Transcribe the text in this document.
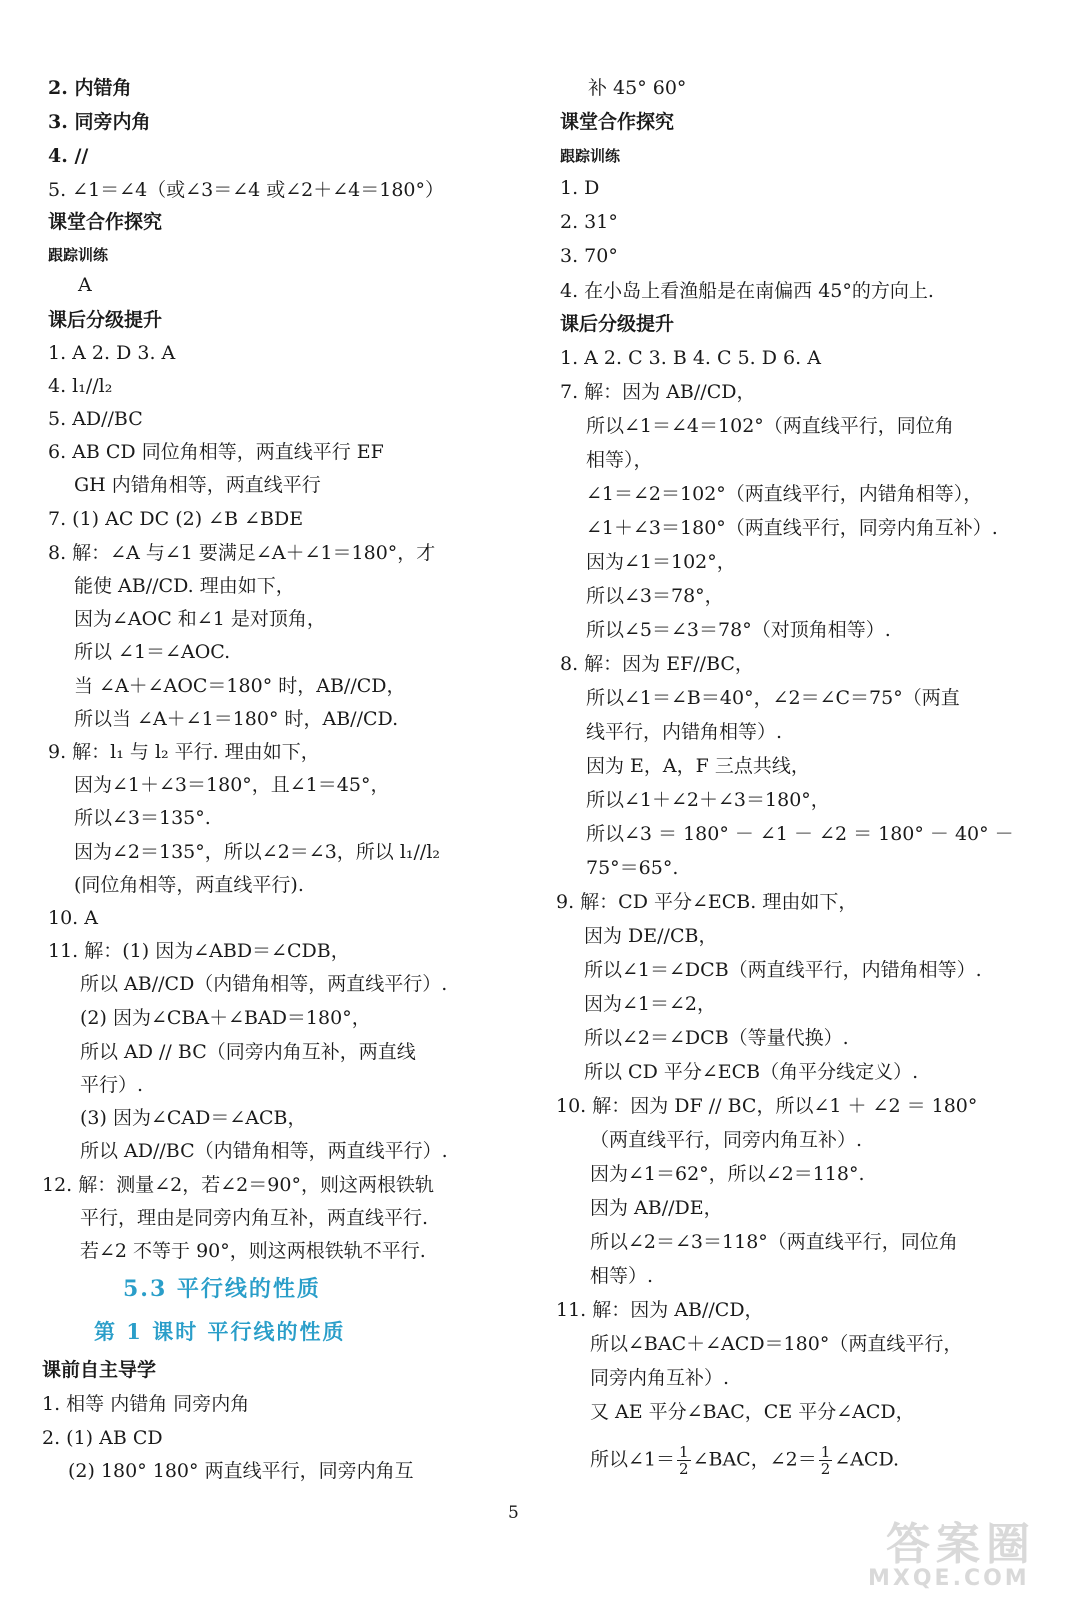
2. 内错角
3. 同旁内角
4. //
5. ∠1＝∠4（或∠3＝∠4 或∠2＋∠4＝180°）
课堂合作探究
跟踪训练
A
课后分级提升
1. A 2. D 3. A
4. l₁//l₂
5. AD//BC
6. AB CD 同位角相等，两直线平行 EF
GH 内错角相等，两直线平行
7. (1) AC DC (2) ∠B ∠BDE
8. 解：∠A 与∠1 要满足∠A＋∠1＝180°，才
能使 AB//CD. 理由如下，
因为∠AOC 和∠1 是对顶角，
所以 ∠1＝∠AOC.
当 ∠A＋∠AOC＝180° 时，AB//CD，
所以当 ∠A＋∠1＝180° 时，AB//CD.
9. 解：l₁ 与 l₂ 平行. 理由如下，
因为∠1＋∠3＝180°，且∠1＝45°，
所以∠3＝135°.
因为∠2＝135°，所以∠2＝∠3，所以 l₁//l₂
(同位角相等，两直线平行).
10. A
11. 解：(1) 因为∠ABD＝∠CDB，
所以 AB//CD（内错角相等，两直线平行）.
(2) 因为∠CBA＋∠BAD＝180°，
所以 AD // BC（同旁内角互补，两直线
平行）.
(3) 因为∠CAD＝∠ACB，
所以 AD//BC（内错角相等，两直线平行）.
12. 解：测量∠2，若∠2＝90°，则这两根铁轨
平行，理由是同旁内角互补，两直线平行.
若∠2 不等于 90°，则这两根铁轨不平行.
5.3 平行线的性质
第 1 课时 平行线的性质
课前自主导学
1. 相等 内错角 同旁内角
2. (1) AB CD
(2) 180° 180° 两直线平行，同旁内角互
补 45° 60°
课堂合作探究
跟踪训练
1. D
2. 31°
3. 70°
4. 在小岛上看渔船是在南偏西 45°的方向上.
课后分级提升
1. A 2. C 3. B 4. C 5. D 6. A
7. 解：因为 AB//CD，
所以∠1＝∠4＝102°（两直线平行，同位角
相等），
∠1＝∠2＝102°（两直线平行，内错角相等），
∠1＋∠3＝180°（两直线平行，同旁内角互补）.
因为∠1＝102°，
所以∠3＝78°，
所以∠5＝∠3＝78°（对顶角相等）.
8. 解：因为 EF//BC，
所以∠1＝∠B＝40°，∠2＝∠C＝75°（两直
线平行，内错角相等）.
因为 E，A，F 三点共线，
所以∠1＋∠2＋∠3＝180°，
所以∠3 ＝ 180° － ∠1 － ∠2 ＝ 180° － 40° －
75°＝65°.
9. 解：CD 平分∠ECB. 理由如下，
因为 DE//CB，
所以∠1＝∠DCB（两直线平行，内错角相等）.
因为∠1＝∠2，
所以∠2＝∠DCB（等量代换）.
所以 CD 平分∠ECB（角平分线定义）.
10. 解：因为 DF // BC，所以∠1 ＋ ∠2 ＝ 180°
（两直线平行，同旁内角互补）.
因为∠1＝62°，所以∠2＝118°.
因为 AB//DE，
所以∠2＝∠3＝118°（两直线平行，同位角
相等）.
11. 解：因为 AB//CD，
所以∠BAC＋∠ACD＝180°（两直线平行，
同旁内角互补）.
又 AE 平分∠BAC，CE 平分∠ACD，
所以∠1＝ $\frac{1}{2}$ ∠BAC，∠2＝ $\frac{1}{2}$ ∠ACD.
5
答案圈
MXQE.COM
